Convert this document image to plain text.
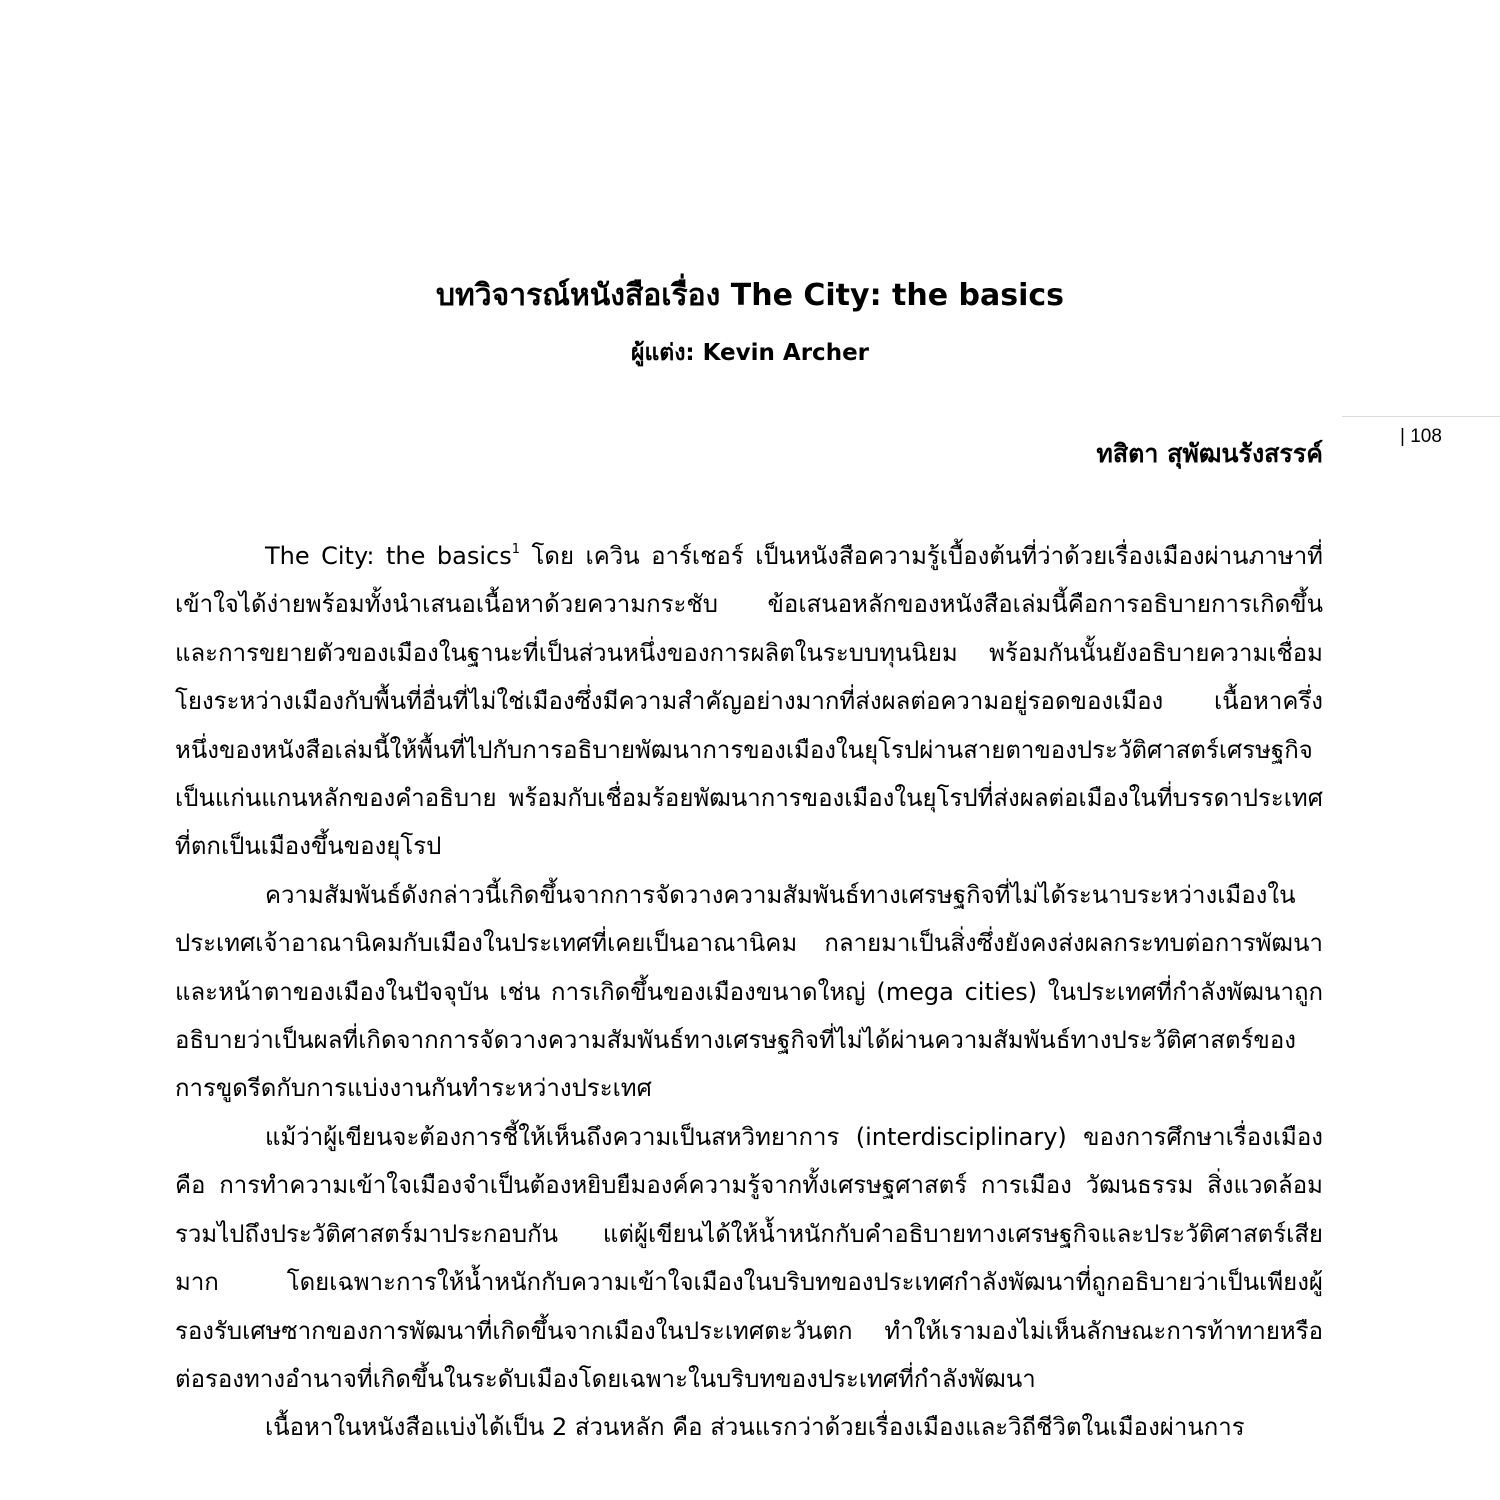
| 108
บทวิจารณ์หนังสือเรื่อง The City: the basics
ผู้แต่ง: Kevin Archer
ทสิตา สุพัฒนรังสรรค์

The City: the basics$^1$ โดย เควิน อาร์เชอร์ เป็นหนังสือความรู้เบื้องต้นที่ว่าด้วยเรื่องเมืองผ่านภาษาที่เข้าใจได้ง่ายพร้อมทั้งนำเสนอเนื้อหาด้วยความกระชับ ข้อเสนอหลักของหนังสือเล่มนี้คือการอธิบายการเกิดขึ้นและการขยายตัวของเมืองในฐานะที่เป็นส่วนหนึ่งของการผลิตในระบบทุนนิยม พร้อมกันนั้นยังอธิบายความเชื่อมโยงระหว่างเมืองกับพื้นที่อื่นที่ไม่ใช่เมืองซึ่งมีความสำคัญอย่างมากที่ส่งผลต่อความอยู่รอดของเมือง เนื้อหาครึ่งหนึ่งของหนังสือเล่มนี้ให้พื้นที่ไปกับการอธิบายพัฒนาการของเมืองในยุโรปผ่านสายตาของประวัติศาสตร์เศรษฐกิจเป็นแก่นแกนหลักของคำอธิบาย พร้อมกับเชื่อมร้อยพัฒนาการของเมืองในยุโรปที่ส่งผลต่อเมืองในที่บรรดาประเทศที่ตกเป็นเมืองขึ้นของยุโรป

ความสัมพันธ์ดังกล่าวนี้เกิดขึ้นจากการจัดวางความสัมพันธ์ทางเศรษฐกิจที่ไม่ได้ระนาบระหว่างเมืองในประเทศเจ้าอาณานิคมกับเมืองในประเทศที่เคยเป็นอาณานิคม กลายมาเป็นสิ่งซึ่งยังคงส่งผลกระทบต่อการพัฒนาและหน้าตาของเมืองในปัจจุบัน เช่น การเกิดขึ้นของเมืองขนาดใหญ่ (mega cities) ในประเทศที่กำลังพัฒนาถูกอธิบายว่าเป็นผลที่เกิดจากการจัดวางความสัมพันธ์ทางเศรษฐกิจที่ไม่ได้ผ่านความสัมพันธ์ทางประวัติศาสตร์ของการขูดรีดกับการแบ่งงานกันทำระหว่างประเทศ

แม้ว่าผู้เขียนจะต้องการชี้ให้เห็นถึงความเป็นสหวิทยาการ (interdisciplinary) ของการศึกษาเรื่องเมือง คือ การทำความเข้าใจเมืองจำเป็นต้องหยิบยืมองค์ความรู้จากทั้งเศรษฐศาสตร์ การเมือง วัฒนธรรม สิ่งแวดล้อม รวมไปถึงประวัติศาสตร์มาประกอบกัน แต่ผู้เขียนได้ให้น้ำหนักกับคำอธิบายทางเศรษฐกิจและประวัติศาสตร์เสียมาก โดยเฉพาะการให้น้ำหนักกับความเข้าใจเมืองในบริบทของประเทศกำลังพัฒนาที่ถูกอธิบายว่าเป็นเพียงผู้รองรับเศษซากของการพัฒนาที่เกิดขึ้นจากเมืองในประเทศตะวันตก ทำให้เรามองไม่เห็นลักษณะการท้าทายหรือต่อรองทางอำนาจที่เกิดขึ้นในระดับเมืองโดยเฉพาะในบริบทของประเทศที่กำลังพัฒนา

เนื้อหาในหนังสือแบ่งได้เป็น 2 ส่วนหลัก คือ ส่วนแรกว่าด้วยเรื่องเมืองและวิถีชีวิตในเมืองผ่านการ
